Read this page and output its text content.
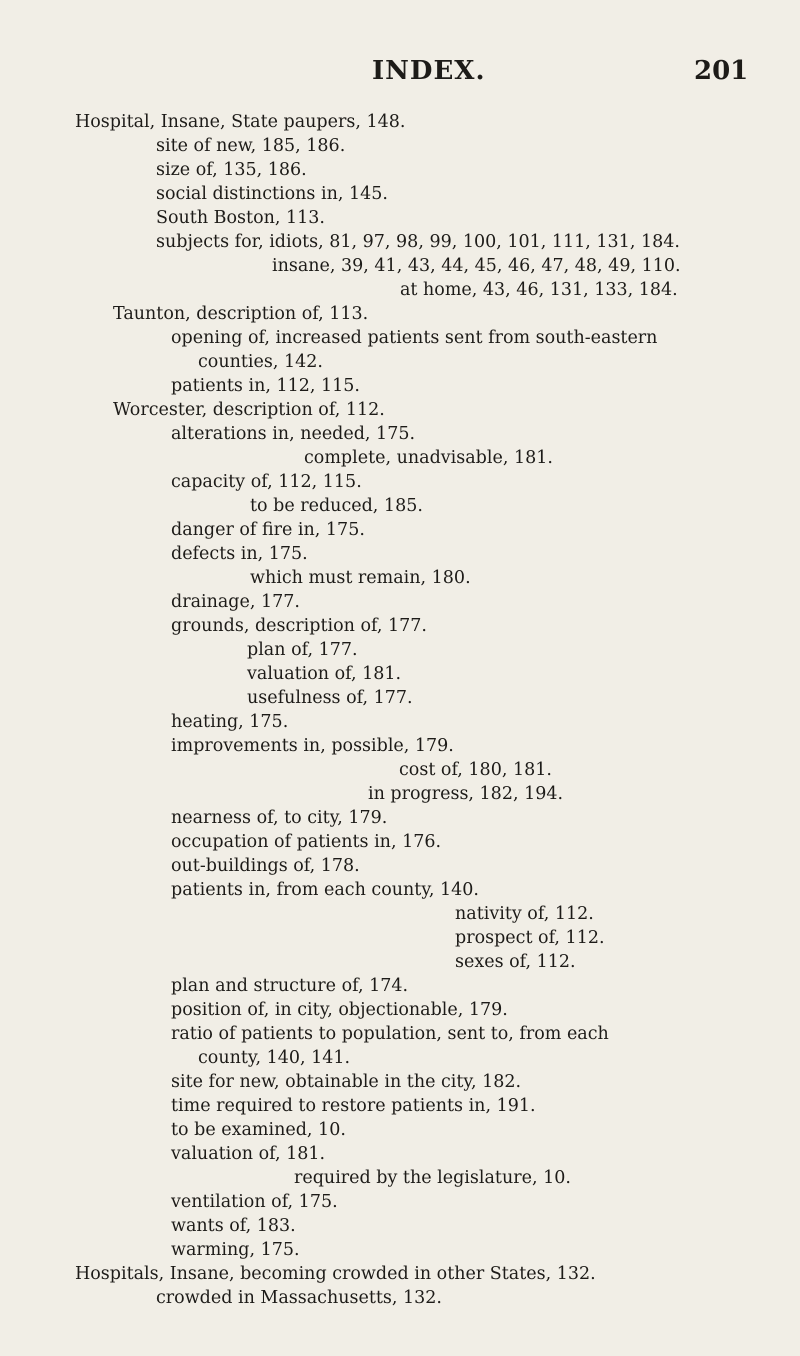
INDEX.	201
Hospital, Insane, State paupers, 148.
site of new, 185, 186.
size of, 135, 186.
social distinctions in, 145.
South Boston, 113.
subjects for, idiots, 81, 97, 98, 99, 100, 101, 111, 131, 184.
insane, 39, 41, 43, 44, 45, 46, 47, 48, 49, 110.
at home, 43, 46, 131, 133, 184.
Taunton, description of, 113.
opening of, increased patients sent from south-eastern
counties, 142.
patients in, 112, 115.
Worcester, description of, 112.
alterations in, needed, 175.
complete, unadvisable, 181.
capacity of, 112, 115.
to be reduced, 185.
danger of fire in, 175.
defects in, 175.
which must remain, 180.
drainage, 177.
grounds, description of, 177.
plan of, 177.
valuation of, 181.
usefulness of, 177.
heating, 175.
improvements in, possible, 179.
cost of, 180, 181.
in progress, 182, 194.
nearness of, to city, 179.
occupation of patients in, 176.
out-buildings of, 178.
patients in, from each county, 140.
nativity of, 112.
prospect of, 112.
sexes of, 112.
plan and structure of, 174.
position of, in city, objectionable, 179.
ratio of patients to population, sent to, from each
county, 140, 141.
site for new, obtainable in the city, 182.
time required to restore patients in, 191.
to be examined, 10.
valuation of, 181.
required by the legislature, 10.
ventilation of, 175.
wants of, 183.
warming, 175.
Hospitals, Insane, becoming crowded in other States, 132.
crowded in Massachusetts, 132.
